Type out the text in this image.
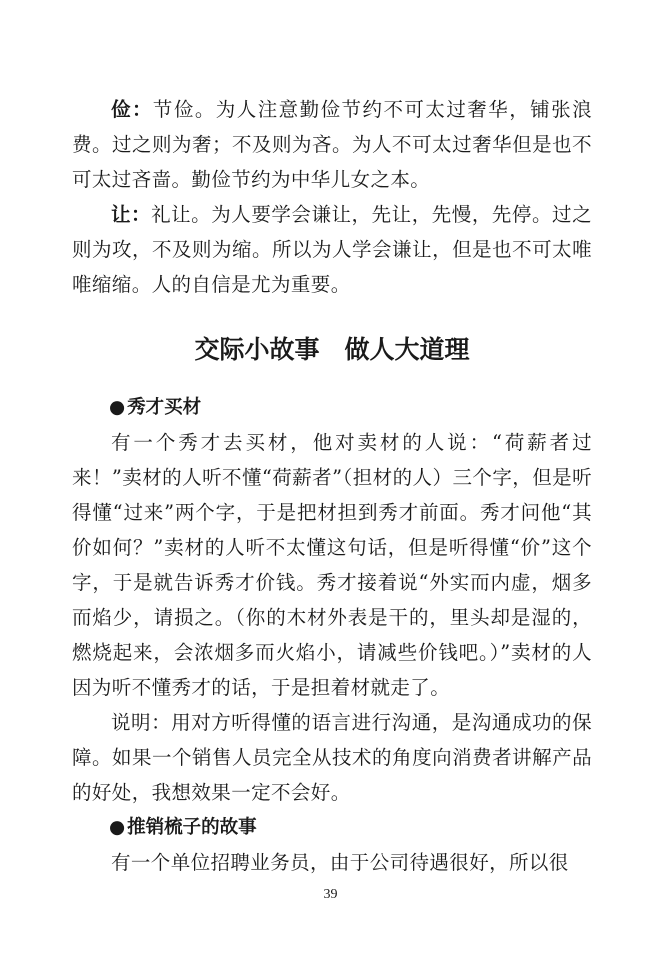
俭：节俭。为人注意勤俭节约不可太过奢华，铺张浪费。过之则为奢；不及则为吝。为人不可太过奢华但是也不可太过吝啬。勤俭节约为中华儿女之本。

让：礼让。为人要学会谦让，先让，先慢，先停。过之则为攻，不及则为缩。所以为人学会谦让，但是也不可太唯唯缩缩。人的自信是尤为重要。

交际小故事　做人大道理
● 秀才买材

有一个秀才去买材，他对卖材的人说：“荷薪者过来！”卖材的人听不懂“荷薪者”（担材的人）三个字，但是听得懂“过来”两个字，于是把材担到秀才前面。秀才问他“其价如何？”卖材的人听不太懂这句话，但是听得懂“价”这个字，于是就告诉秀才价钱。秀才接着说“外实而内虚，烟多而焰少，请损之。（你的木材外表是干的，里头却是湿的，燃烧起来，会浓烟多而火焰小，请减些价钱吧。）”卖材的人因为听不懂秀才的话，于是担着材就走了。

说明：用对方听得懂的语言进行沟通，是沟通成功的保障。如果一个销售人员完全从技术的角度向消费者讲解产品的好处，我想效果一定不会好。

● 推销梳子的故事

有一个单位招聘业务员，由于公司待遇很好，所以很

39
